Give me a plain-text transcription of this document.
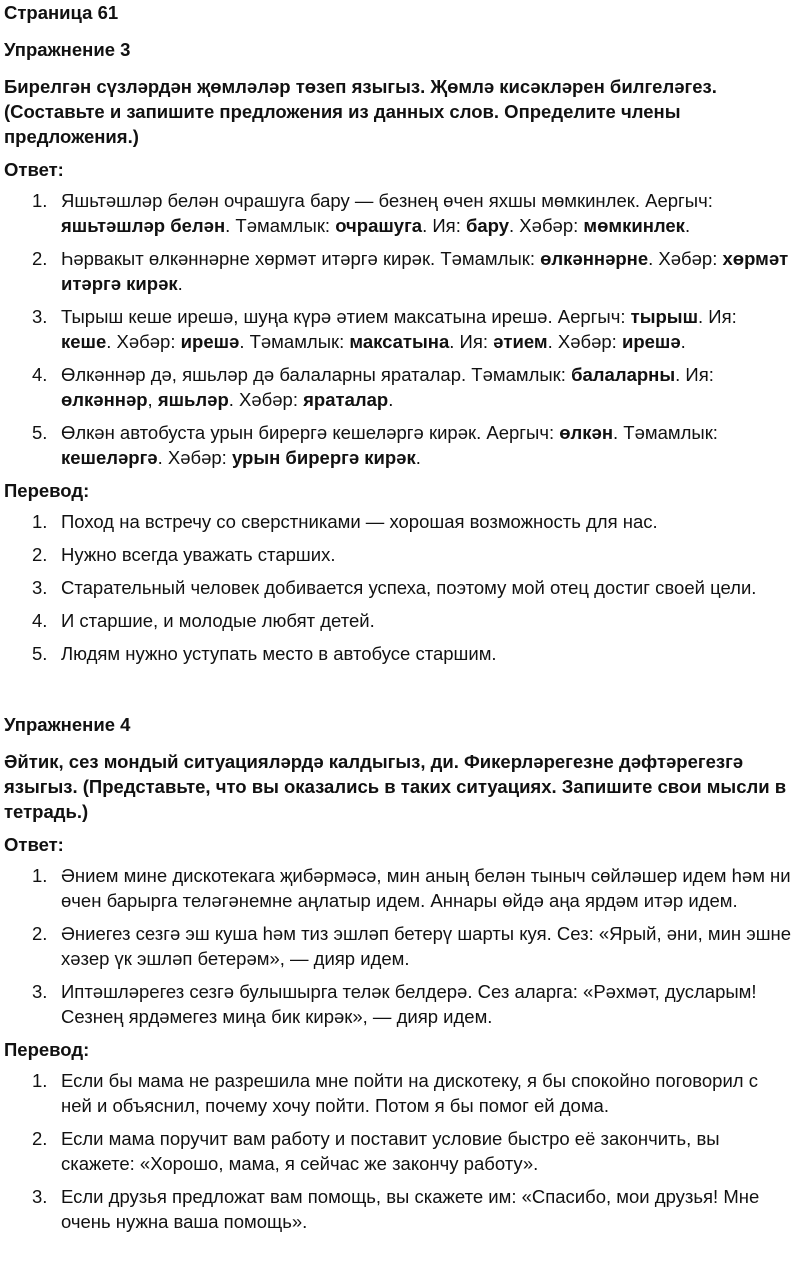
Страница 61
Упражнение 3
Бирелгән сүзләрдән җөмләләр төзеп языгыз. Җөмлә кисәкләрен билгеләгез. (Составьте и запишите предложения из данных слов. Определите члены предложения.)
Ответ:
1. Яшьтәшләр белән очрашуга бару — безнең өчен яхшы мөмкинлек. Аергыч: яшьтәшләр белән. Тәмамлык: очрашуга. Ия: бару. Хәбәр: мөмкинлек.
2. Һәрвакыт өлкәннәрне хөрмәт итәргә кирәк. Тәмамлык: өлкәннәрне. Хәбәр: хөрмәт итәргә кирәк.
3. Тырыш кеше ирешә, шуңа күрә әтием максатына ирешә. Аергыч: тырыш. Ия: кеше. Хәбәр: ирешә. Тәмамлык: максатына. Ия: әтием. Хәбәр: ирешә.
4. Өлкәннәр дә, яшьләр дә балаларны яраталар. Тәмамлык: балаларны. Ия: өлкәннәр, яшьләр. Хәбәр: яраталар.
5. Өлкән автобуста урын бирергә кешеләргә кирәк. Аергыч: өлкән. Тәмамлык: кешеләргә. Хәбәр: урын бирергә кирәк.
Перевод:
1. Поход на встречу со сверстниками — хорошая возможность для нас.
2. Нужно всегда уважать старших.
3. Старательный человек добивается успеха, поэтому мой отец достиг своей цели.
4. И старшие, и молодые любят детей.
5. Людям нужно уступать место в автобусе старшим.
Упражнение 4
Әйтик, сез мондый ситуацияләрдә калдыгыз, ди. Фикерләрегезне дәфтәрегезгә языгыз. (Представьте, что вы оказались в таких ситуациях. Запишите свои мысли в тетрадь.)
Ответ:
1. Әнием мине дискотекага җибәрмәсә, мин аның белән тыныч сөйләшер идем һәм ни өчен барырга теләгәнемне аңлатыр идем. Аннары өйдә аңа ярдәм итәр идем.
2. Әниегез сезгә эш куша һәм тиз эшләп бетерү шарты куя. Сез: «Ярый, әни, мин эшне хәзер үк эшләп бетерәм», — дияр идем.
3. Иптәшләрегез сезгә булышырга теләк белдерә. Сез аларга: «Рәхмәт, дусларым! Сезнең ярдәмегез миңа бик кирәк», — дияр идем.
Перевод:
1. Если бы мама не разрешила мне пойти на дискотеку, я бы спокойно поговорил с ней и объяснил, почему хочу пойти. Потом я бы помог ей дома.
2. Если мама поручит вам работу и поставит условие быстро её закончить, вы скажете: «Хорошо, мама, я сейчас же закончу работу».
3. Если друзья предложат вам помощь, вы скажете им: «Спасибо, мои друзья! Мне очень нужна ваша помощь».
